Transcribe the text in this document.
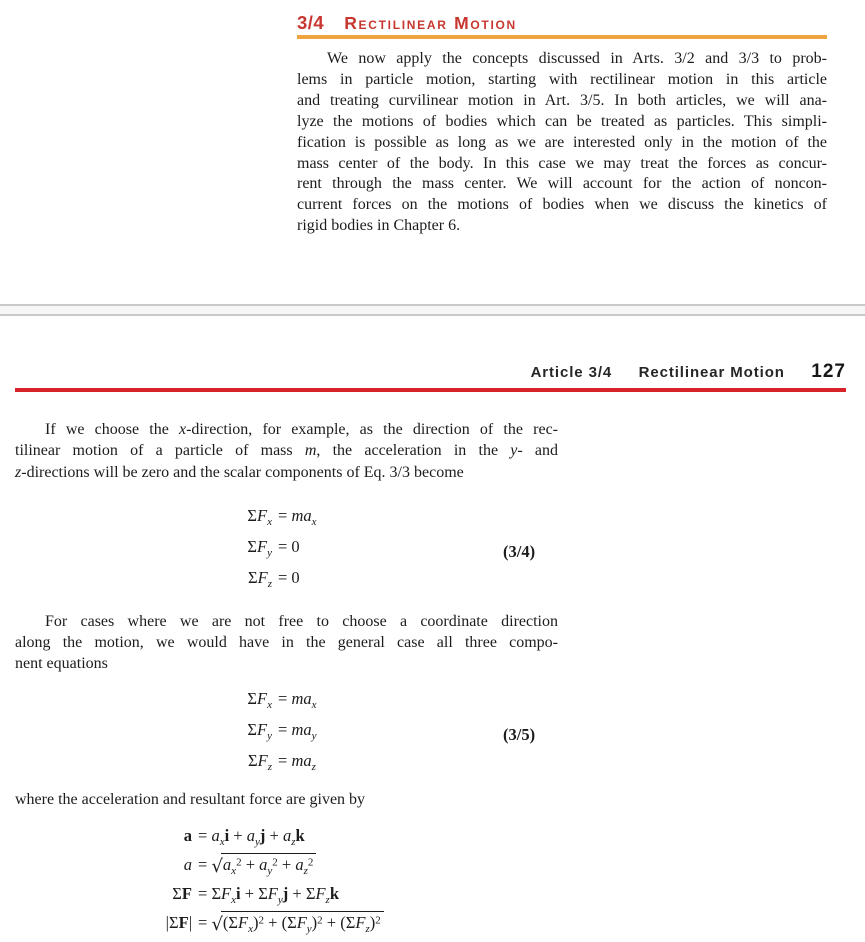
3/4 Rectilinear Motion
We now apply the concepts discussed in Arts. 3/2 and 3/3 to prob-
lems in particle motion, starting with rectilinear motion in this article
and treating curvilinear motion in Art. 3/5. In both articles, we will ana-
lyze the motions of bodies which can be treated as particles. This simpli-
fication is possible as long as we are interested only in the motion of the
mass center of the body. In this case we may treat the forces as concur-
rent through the mass center. We will account for the action of noncon-
current forces on the motions of bodies when we discuss the kinetics of
rigid bodies in Chapter 6.
Article 3/4 Rectilinear Motion 127
If we choose the x-direction, for example, as the direction of the rec-
tilinear motion of a particle of mass m, the acceleration in the y- and
z-directions will be zero and the scalar components of Eq. 3/3 become
$\Sigma F_x = ma_x$
$\Sigma F_y = 0$
$\Sigma F_z = 0$
(3/4)
For cases where we are not free to choose a coordinate direction
along the motion, we would have in the general case all three compo-
nent equations
$\Sigma F_x = ma_x$
$\Sigma F_y = ma_y$
$\Sigma F_z = ma_z$
(3/5)
where the acceleration and resultant force are given by
$a = a_xi + a_yj + a_zk$
$a = √a_x^2 + a_y^2 + a_z^2$
$\Sigma F = \Sigma F_xi + \Sigma F_yj + \Sigma F_zk$
$|\Sigma F| = √(\Sigma F_x)^2 + (\Sigma F_y)^2 + (\Sigma F_z)^2$
